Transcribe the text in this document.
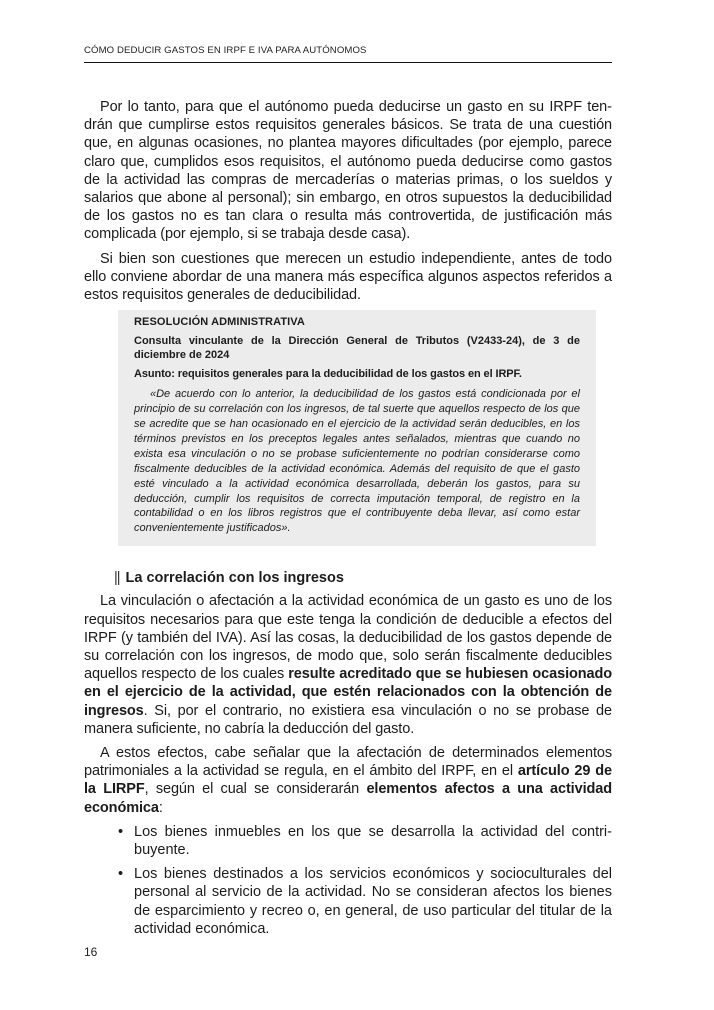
CÓMO DEDUCIR GASTOS EN IRPF E IVA PARA AUTÓNOMOS

Por lo tanto, para que el autónomo pueda deducirse un gasto en su IRPF tendrán que cumplirse estos requisitos generales básicos. Se trata de una cuestión que, en algunas ocasiones, no plantea mayores dificultades (por ejemplo, parece claro que, cumplidos esos requisitos, el autónomo pueda deducirse como gastos de la actividad las compras de mercaderías o materias primas, o los sueldos y salarios que abone al personal); sin embargo, en otros supuestos la deducibilidad de los gastos no es tan clara o resulta más controvertida, de justificación más complicada (por ejemplo, si se trabaja desde casa).

Si bien son cuestiones que merecen un estudio independiente, antes de todo ello conviene abordar de una manera más específica algunos aspectos referidos a estos requisitos generales de deducibilidad.

RESOLUCIÓN ADMINISTRATIVA
Consulta vinculante de la Dirección General de Tributos (V2433-24), de 3 de diciembre de 2024
Asunto: requisitos generales para la deducibilidad de los gastos en el IRPF.

«De acuerdo con lo anterior, la deducibilidad de los gastos está condicionada por el principio de su correlación con los ingresos, de tal suerte que aquellos respecto de los que se acredite que se han ocasionado en el ejercicio de la actividad serán deducibles, en los términos previstos en los preceptos legales antes señalados, mientras que cuando no exista esa vinculación o no se probase suficientemente no podrían considerarse como fiscalmente deducibles de la actividad económica. Además del requisito de que el gasto esté vinculado a la actividad económica desarrollada, deberán los gastos, para su deducción, cumplir los requisitos de correcta imputación temporal, de registro en la contabilidad o en los libros registros que el contribuyente deba llevar, así como estar convenientemente justificados».

|| La correlación con los ingresos

La vinculación o afectación a la actividad económica de un gasto es uno de los requisitos necesarios para que este tenga la condición de deducible a efectos del IRPF (y también del IVA). Así las cosas, la deducibilidad de los gastos depende de su correlación con los ingresos, de modo que, solo serán fiscalmente deducibles aquellos respecto de los cuales resulte acreditado que se hubiesen ocasionado en el ejercicio de la actividad, que estén relacionados con la obtención de ingresos. Si, por el contrario, no existiera esa vinculación o no se probase de manera suficiente, no cabría la deducción del gasto.

A estos efectos, cabe señalar que la afectación de determinados elementos patrimoniales a la actividad se regula, en el ámbito del IRPF, en el artículo 29 de la LIRPF, según el cual se considerarán elementos afectos a una actividad económica:

• Los bienes inmuebles en los que se desarrolla la actividad del contribuyente.
• Los bienes destinados a los servicios económicos y socioculturales del personal al servicio de la actividad. No se consideran afectos los bienes de esparcimiento y recreo o, en general, de uso particular del titular de la actividad económica.
16
